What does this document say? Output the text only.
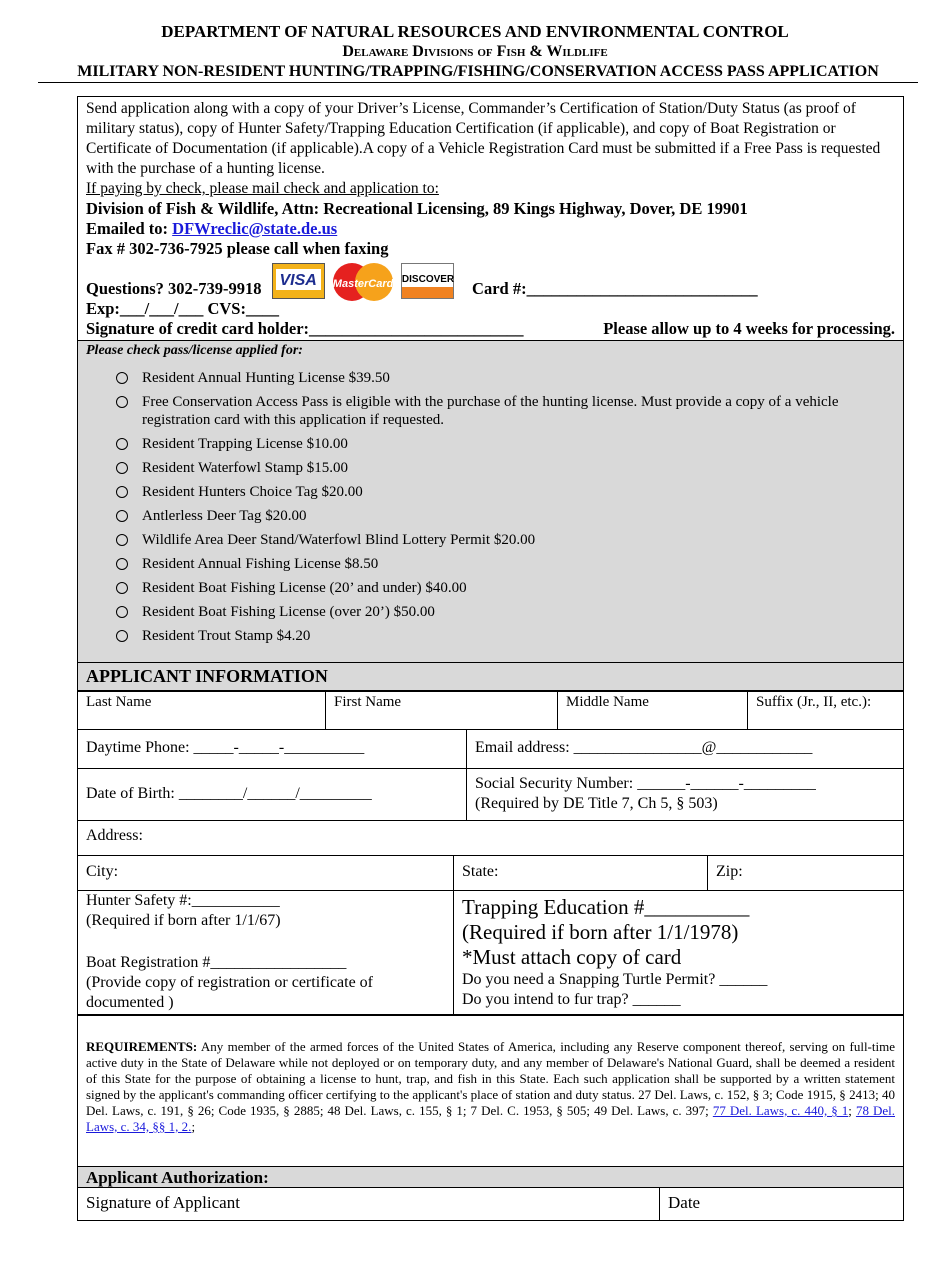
DEPARTMENT OF NATURAL RESOURCES AND ENVIRONMENTAL CONTROL
Delaware Divisions of Fish & Wildlife
MILITARY NON-RESIDENT HUNTING/TRAPPING/FISHING/CONSERVATION ACCESS PASS APPLICATION

Send application along with a copy of your Driver’s License, Commander’s Certification of Station/Duty Status (as proof of military status), copy of Hunter Safety/Trapping Education Certification (if applicable), and copy of Boat Registration or Certificate of Documentation (if applicable).A copy of a Vehicle Registration Card must be submitted if a Free Pass is requested with the purchase of a hunting license.

If paying by check, please mail check and application to:

Division of Fish & Wildlife, Attn: Recreational Licensing, 89 Kings Highway, Dover, DE 19901

Emailed to: DFWreclic@state.de.us

Fax # 302-736-7925 please call when faxing

Questions? 302-739-9918 VISA
	MasterCard
DISCOVER Card #:____________________________

Exp:___/___/___ CVS:____

Signature of credit card holder:__________________________	Please allow up to 4 weeks for processing.

Please check pass/license applied for:
Resident Annual Hunting License $39.50
Free Conservation Access Pass is eligible with the purchase of the hunting license. Must provide a copy of a vehicle registration card with this application if requested.
Resident Trapping License $10.00
Resident Waterfowl Stamp $15.00
Resident Hunters Choice Tag $20.00
Antlerless Deer Tag $20.00
Wildlife Area Deer Stand/Waterfowl Blind Lottery Permit $20.00
Resident Annual Fishing License $8.50
Resident Boat Fishing License (20’ and under) $40.00
Resident Boat Fishing License (over 20’) $50.00
Resident Trout Stamp $4.20
APPLICANT INFORMATION
Last Name	First Name	Middle Name	Suffix (Jr., II, etc.):
Daytime Phone: _____-_____-__________	Email address: ________________@____________
Date of Birth: ________/______/_________
Social Security Number: ______-______-_________
(Required by DE Title 7, Ch 5, § 503)
Address:
City:	State:	Zip:
Hunter Safety #:___________
(Required if born after 1/1/67)
Boat Registration #_________________
(Provide copy of registration or certificate of documented )
Trapping Education #__________
(Required if born after 1/1/1978)
*Must attach copy of card
Do you need a Snapping Turtle Permit? ______
Do you intend to fur trap? ______
REQUIREMENTS: Any member of the armed forces of the United States of America, including any Reserve component thereof, serving on full-time active duty in the State of Delaware while not deployed or on temporary duty, and any member of Delaware's National Guard, shall be deemed a resident of this State for the purpose of obtaining a license to hunt, trap, and fish in this State. Each such application shall be supported by a written statement signed by the applicant's commanding officer certifying to the applicant's place of station and duty status. 27 Del. Laws, c. 152, § 3; Code 1915, § 2413; 40 Del. Laws, c. 191, § 26; Code 1935, § 2885; 48 Del. Laws, c. 155, § 1; 7 Del. C. 1953, § 505; 49 Del. Laws, c. 397; 77 Del. Laws, c. 440, § 1; 78 Del. Laws, c. 34, §§ 1, 2.;
Applicant Authorization:
Signature of Applicant	Date
